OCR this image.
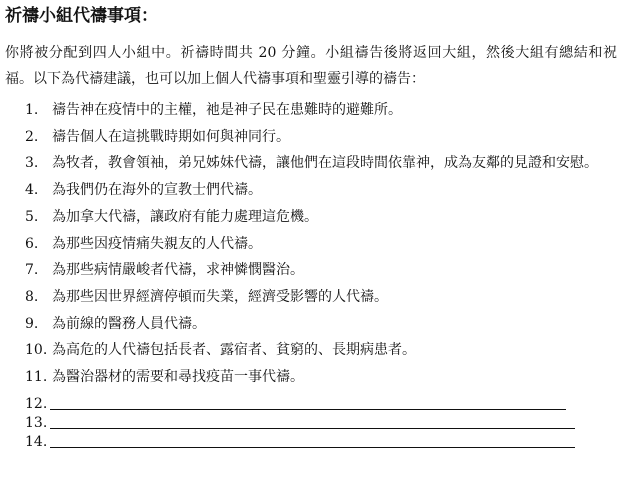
祈禱小組代禱事項：
你將被分配到四人小組中。祈禱時間共 20 分鐘。小組禱告後將返回大組，然後大組有總結和祝福。以下為代禱建議，也可以加上個人代禱事項和聖靈引導的禱告：
1. 禱告神在疫情中的主權，祂是神子民在患難時的避難所。
2. 禱告個人在這挑戰時期如何與神同行。
3. 為牧者，教會領袖，弟兄姊妹代禱，讓他們在這段時間依靠神，成為友鄰的見證和安慰。
4. 為我們仍在海外的宣教士們代禱。
5. 為加拿大代禱，讓政府有能力處理這危機。
6. 為那些因疫情痛失親友的人代禱。
7. 為那些病情嚴峻者代禱，求神憐憫醫治。
8. 為那些因世界經濟停頓而失業，經濟受影響的人代禱。
9. 為前線的醫務人員代禱。
10. 為高危的人代禱包括長者、露宿者、貧窮的、長期病患者。
11. 為醫治器材的需要和尋找疫苗一事代禱。
12.
13.
14.
